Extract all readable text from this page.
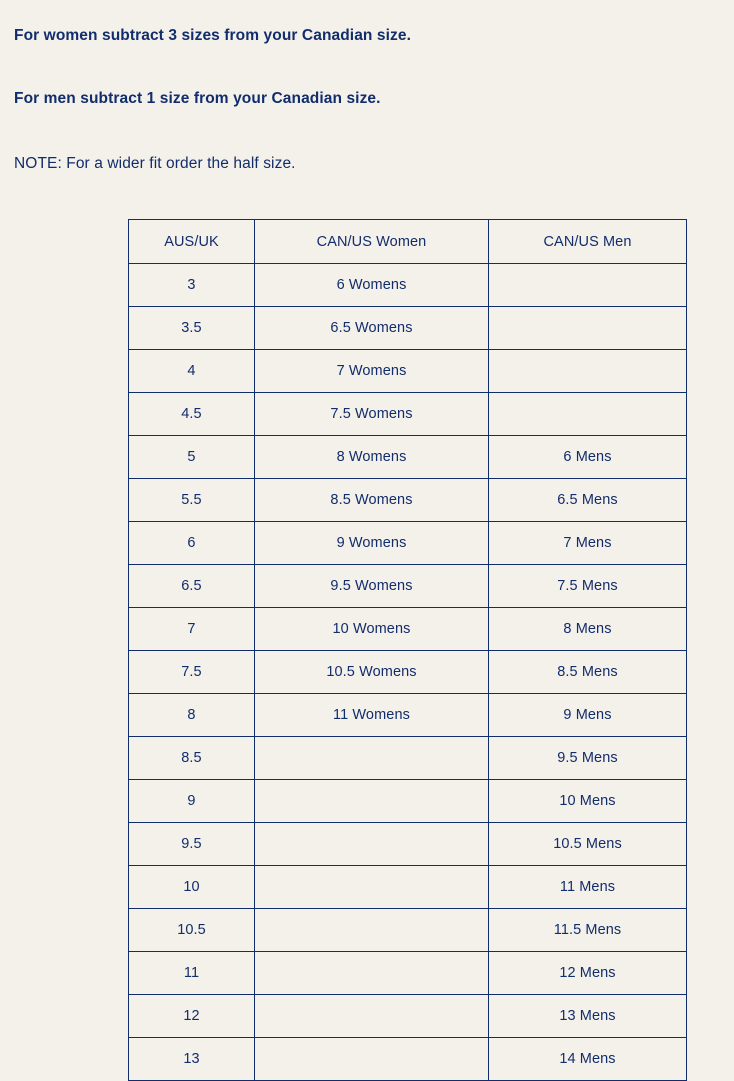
For women subtract 3 sizes from your Canadian size.

For men subtract 1 size from your Canadian size.

NOTE: For a wider fit order the half size.

AUS/UK	CAN/US Women	CAN/US Men
3	6 Womens	
3.5	6.5 Womens	
4	7 Womens	
4.5	7.5 Womens	
5	8 Womens	6 Mens
5.5	8.5 Womens	6.5 Mens
6	9 Womens	7 Mens
6.5	9.5 Womens	7.5 Mens
7	10 Womens	8 Mens
7.5	10.5 Womens	8.5 Mens
8	11 Womens	9 Mens
8.5		9.5 Mens
9		10 Mens
9.5		10.5 Mens
10		11 Mens
10.5		11.5 Mens
11		12 Mens
12		13 Mens
13		14 Mens
